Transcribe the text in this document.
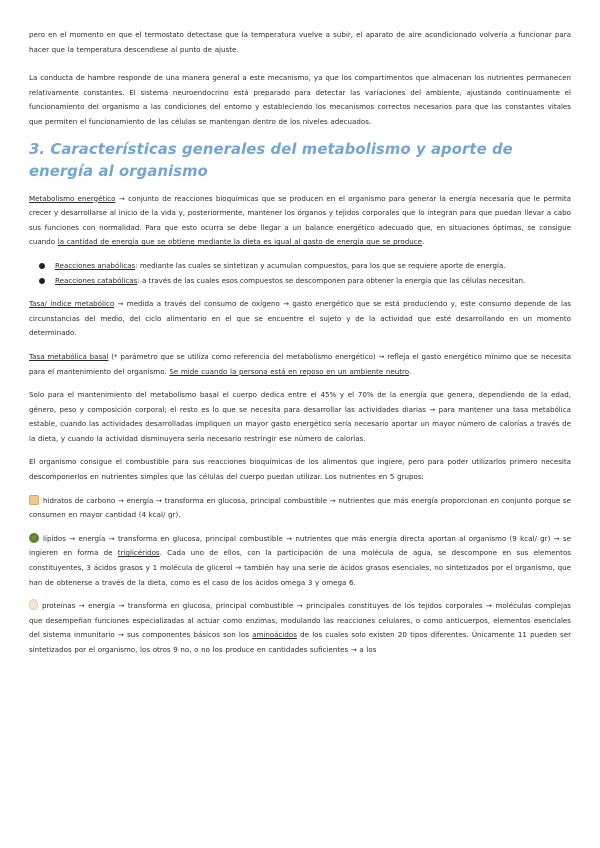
pero en el momento en que el termostato detectase que la temperatura vuelve a subir, el aparato de aire acondicionado volvería a funcionar para hacer que la temperatura descendiese al punto de ajuste.

La conducta de hambre responde de una manera general a este mecanismo, ya que los compartimentos que almacenan los nutrientes permanecen relativamente constantes. El sistema neuroendocrino está preparado para detectar las variaciones del ambiente, ajustando continuamente el funcionamiento del organismo a las condiciones del entorno y estableciendo los mecanismos correctos necesarios para que las constantes vitales que permiten el funcionamiento de las células se mantengan dentro de los niveles adecuados.

3. Características generales del metabolismo y aporte de energía al organismo

Metabolismo energético → conjunto de reacciones bioquímicas que se producen en el organismo para generar la energía necesaria que le permita crecer y desarrollarse al inicio de la vida y, posteriormente, mantener los órganos y tejidos corporales que lo integran para que puedan llevar a cabo sus funciones con normalidad. Para que esto ocurra se debe llegar a un balance energético adecuado que, en situaciones óptimas, se consigue cuando la cantidad de energía que se obtiene mediante la dieta es igual al gasto de energía que se produce.

Reacciones anabólicas: mediante las cuales se sintetizan y acumulan compuestos, para los que se requiere aporte de energía.
Reacciones catabólicas: a través de las cuales esos compuestos se descomponen para obtener la energía que las células necesitan.

Tasa/ índice metabólico → medida a través del consumo de oxígeno → gasto energético que se está produciendo y, este consumo depende de las circunstancias del medio, del ciclo alimentario en el que se encuentre el sujeto y de la actividad que esté desarrollando en un momento determinado.

Tasa metabólica basal (* parámetro que se utiliza como referencia del metabolismo energético) → refleja el gasto energético mínimo que se necesita para el mantenimiento del organismo. Se mide cuando la persona está en reposo en un ambiente neutro.

Solo para el mantenimiento del metabolismo basal el cuerpo dedica entre el 45% y el 70% de la energía que genera, dependiendo de la edad, género, peso y composición corporal; el resto es lo que se necesita para desarrollar las actividades diarias → para mantener una tasa metabólica estable, cuando las actividades desarrolladas impliquen un mayor gasto energético sería necesario aportar un mayor número de calorías a través de la dieta, y cuando la actividad disminuyera sería necesario restringir ese número de calorías.

El organismo consigue el combustible para sus reacciones bioquímicas de los alimentos que ingiere, pero para poder utilizarlos primero necesita descomponerlos en nutrientes simples que las células del cuerpo puedan utilizar. Los nutrientes en 5 grupos:

hidratos de carbono → energía → transforma en glucosa, principal combustible → nutrientes que más energía proporcionan en conjunto porque se consumen en mayor cantidad (4 kcal/ gr).

lípidos → energía → transforma en glucosa, principal combustible → nutrientes que más energía directa aportan al organismo (9 kcal/ gr) → se ingieren en forma de triglicéridos. Cada uno de ellos, con la participación de una molécula de agua, se descompone en sus elementos constituyentes, 3 ácidos grasos y 1 molécula de glicerol → también hay una serie de ácidos grasos esenciales, no sintetizados por el organismo, que han de obtenerse a través de la dieta, como es el caso de los ácidos omega 3 y omega 6.

proteínas → energía → transforma en glucosa, principal combustible → principales constituyes de los tejidos corporales → moléculas complejas que desempeñan funciones especializadas al actuar como enzimas, modulando las reacciones celulares, o como anticuerpos, elementos esenciales del sistema inmunitario → sus componentes básicos son los aminoácidos de los cuales solo existen 20 tipos diferentes. Únicamente 11 pueden ser sintetizados por el organismo, los otros 9 no, o no los produce en cantidades suficientes → a los
